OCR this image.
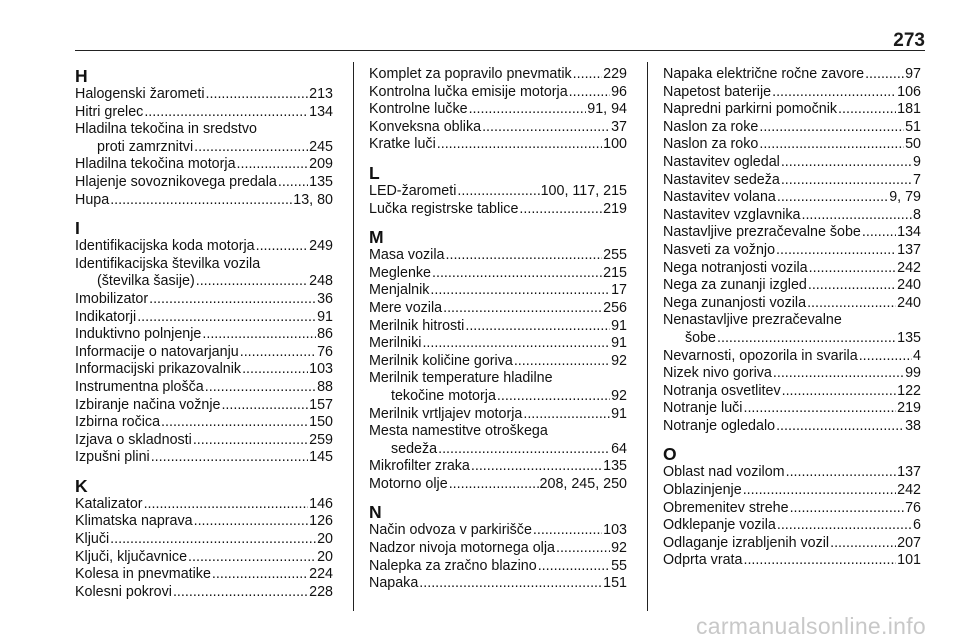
273
H
Halogenski žarometi .....	213
Hitri grelec .....	134
Hladilna tekočina in sredstvo
proti zamrznitvi .....	245
Hladilna tekočina motorja .....	209
Hlajenje sovoznikovega predala ..... 135
Hupa .....	13, 80
I
Identifikacijska koda motorja .....	249
Identifikacijska številka vozila
(številka šasije) .....	248
Imobilizator .....	36
Indikatorji .....	91
Induktivno polnjenje .....	86
Informacije o natovarjanju .....	76
Informacijski prikazovalnik .....	103
Instrumentna plošča .....	88
Izbiranje načina vožnje .....	157
Izbirna ročica .....	150
Izjava o skladnosti .....	259
Izpušni plini .....	145
K
Katalizator .....	146
Klimatska naprava .....	126
Ključi .....	20
Ključi, ključavnice .....	20
Kolesa in pnevmatike .....	224
Kolesni pokrovi .....	228
Komplet za popravilo pnevmatik ..... 229
Kontrolna lučka emisije motorja .....	96
Kontrolne lučke .....	91, 94
Konveksna oblika .....	37
Kratke luči .....	100
L
LED-žarometi .....	100, 117, 215
Lučka registrske tablice .....	219
M
Masa vozila .....	255
Meglenke .....	215
Menjalnik .....	17
Mere vozila .....	256
Merilnik hitrosti .....	91
Merilniki .....	91
Merilnik količine goriva .....	92
Merilnik temperature hladilne
tekočine motorja .....	92
Merilnik vrtljajev motorja .....	91
Mesta namestitve otroškega
sedeža .....	64
Mikrofilter zraka .....	135
Motorno olje .....	208, 245, 250
N
Način odvoza v parkirišče .....	103
Nadzor nivoja motornega olja .....	92
Nalepka za zračno blazino .....	55
Napaka .....	151
Napaka električne ročne zavore .....	97
Napetost baterije .....	106
Napredni parkirni pomočnik .....	181
Naslon za roke .....	51
Naslon za roko .....	50
Nastavitev ogledal .....	9
Nastavitev sedeža .....	7
Nastavitev volana .....	9, 79
Nastavitev vzglavnika .....	8
Nastavljive prezračevalne šobe .....	134
Nasveti za vožnjo .....	137
Nega notranjosti vozila .....	242
Nega za zunanji izgled .....	240
Nega zunanjosti vozila .....	240
Nenastavljive prezračevalne
šobe .....	135
Nevarnosti, opozorila in svarila .....	4
Nizek nivo goriva .....	99
Notranja osvetlitev .....	122
Notranje luči .....	219
Notranje ogledalo .....	38
O
Oblast nad vozilom .....	137
Oblazinjenje .....	242
Obremenitev strehe .....	76
Odklepanje vozila .....	6
Odlaganje izrabljenih vozil .....	207
Odprta vrata .....	101
carmanualsonline.info
